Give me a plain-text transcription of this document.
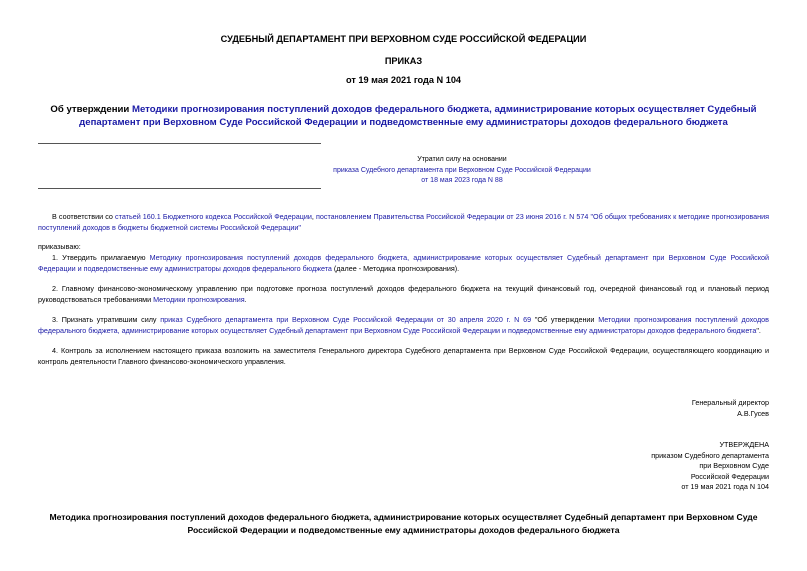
СУДЕБНЫЙ ДЕПАРТАМЕНТ ПРИ ВЕРХОВНОМ СУДЕ РОССИЙСКОЙ ФЕДЕРАЦИИ
ПРИКАЗ
от 19 мая 2021 года N 104
Об утверждении Методики прогнозирования поступлений доходов федерального бюджета, администрирование которых осуществляет Судебный департамент при Верховном Суде Российской Федерации и подведомственные ему администраторы доходов федерального бюджета
Утратил силу на основании
приказа Судебного департамента при Верховном Суде Российской Федерации
от 18 мая 2023 года N 88
В соответствии со статьей 160.1 Бюджетного кодекса Российской Федерации, постановлением Правительства Российской Федерации от 23 июня 2016 г. N 574 "Об общих требованиях к методике прогнозирования поступлений доходов в бюджеты бюджетной системы Российской Федерации"
приказываю:
1. Утвердить прилагаемую Методику прогнозирования поступлений доходов федерального бюджета, администрирование которых осуществляет Судебный департамент при Верховном Суде Российской Федерации и подведомственные ему администраторы доходов федерального бюджета (далее - Методика прогнозирования).
2. Главному финансово-экономическому управлению при подготовке прогноза поступлений доходов федерального бюджета на текущий финансовый год, очередной финансовый год и плановый период руководствоваться требованиями Методики прогнозирования.
3. Признать утратившим силу приказ Судебного департамента при Верховном Суде Российской Федерации от 30 апреля 2020 г. N 69 "Об утверждении Методики прогнозирования поступлений доходов федерального бюджета, администрирование которых осуществляет Судебный департамент при Верховном Суде Российской Федерации и подведомственные ему администраторы доходов федерального бюджета".
4. Контроль за исполнением настоящего приказа возложить на заместителя Генерального директора Судебного департамента при Верховном Суде Российской Федерации, осуществляющего координацию и контроль деятельности Главного финансово-экономического управления.
Генеральный директор
А.В.Гусев
УТВЕРЖДЕНА
приказом Судебного департамента
при Верховном Суде
Российской Федерации
от 19 мая 2021 года N 104
Методика прогнозирования поступлений доходов федерального бюджета, администрирование которых осуществляет Судебный департамент при Верховном Суде Российской Федерации и подведомственные ему администраторы доходов федерального бюджета
